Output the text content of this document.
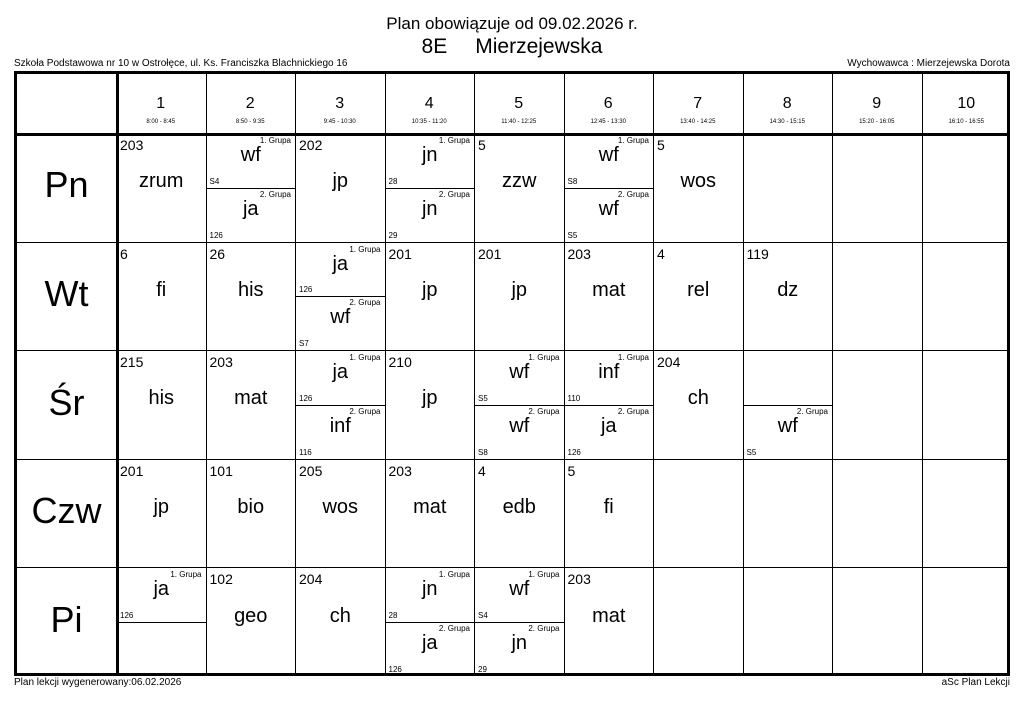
Plan obowiązuje od 09.02.2026 r.
8E Mierzejewska
Szkoła Podstawowa nr 10 w Ostrołęce, ul. Ks. Franciszka Blachnickiego 16	Wychowawca : Mierzejewska Dorota
1
8:00 - 8:45
2
8:50 - 9:35
3
9:45 - 10:30
4
10:35 - 11:20
5
11:40 - 12:25
6
12:45 - 13:30
7
13:40 - 14:25
8
14:30 - 15:15
9
15:20 - 16:05
10
16:10 - 16:55
Pn
Wt
Śr
Czw
Pi
203
zrum
1. Grupa
wf
S4
2. Grupa
ja
126
202
jp
1. Grupa
jn
28
2. Grupa
jn
29
5
zzw
1. Grupa
wf
S8
2. Grupa
wf
S5
5
wos
6
fi
26
his
1. Grupa
ja
126
2. Grupa
wf
S7
201
jp
201
jp
203
mat
4
rel
119
dz
215
his
203
mat
1. Grupa
ja
126
2. Grupa
inf
116
210
jp
1. Grupa
wf
S5
2. Grupa
wf
S8
1. Grupa
inf
110
2. Grupa
ja
126
204
ch
2. Grupa
wf
S5
201
jp
101
bio
205
wos
203
mat
4
edb
5
fi
1. Grupa
ja
126
102
geo
204
ch
1. Grupa
jn
28
2. Grupa
ja
126
1. Grupa
wf
S4
2. Grupa
jn
29
203
mat
Plan lekcji wygenerowany:06.02.2026	aSc Plan Lekcji
